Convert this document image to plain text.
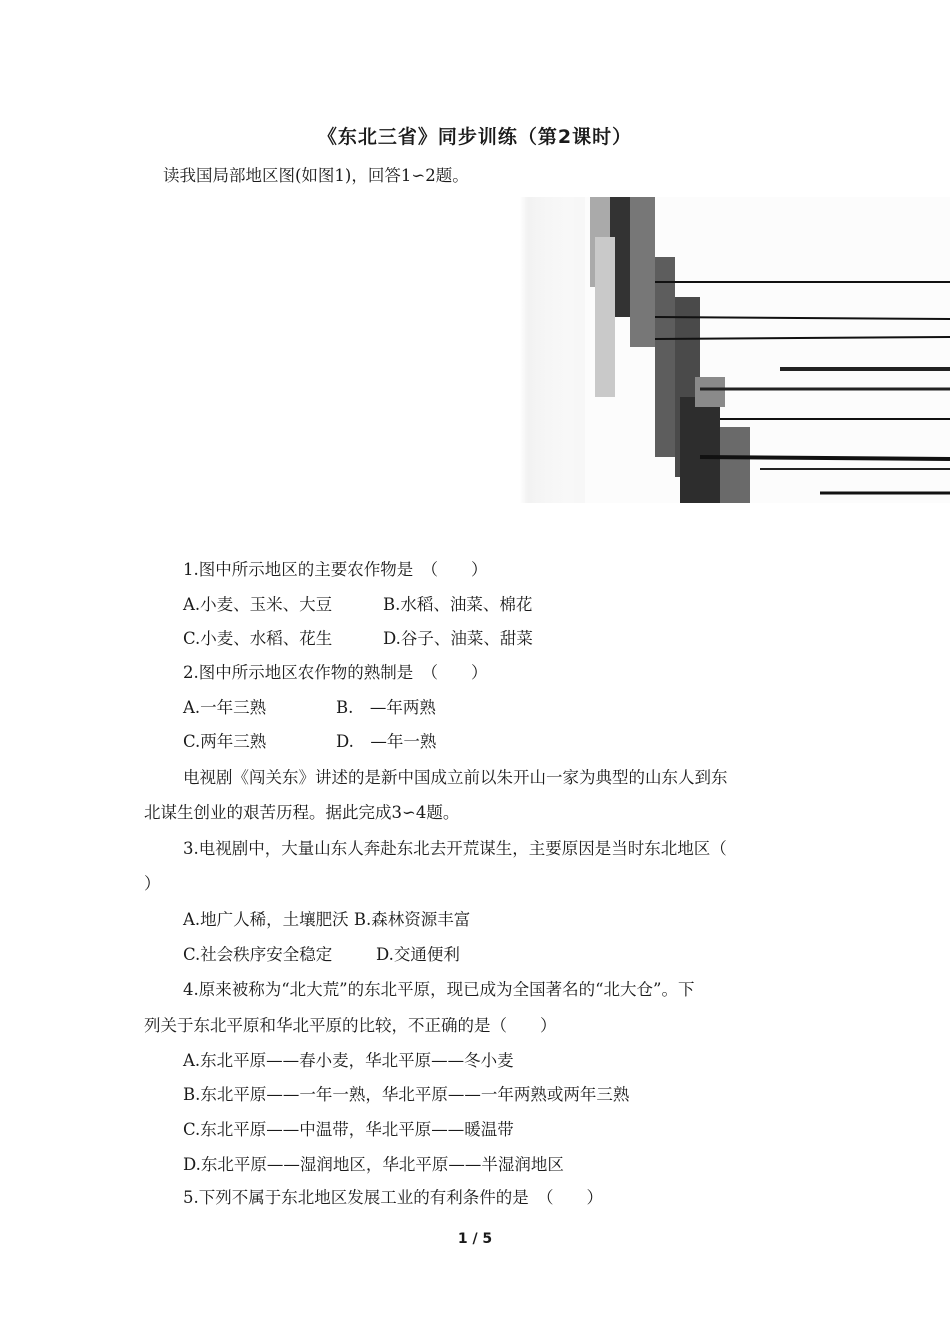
《东北三省》同步训练（第2课时）
读我国局部地区图(如图1)，回答1∽2题。
1.图中所示地区的主要农作物是　（　　）
A.小麦、玉米、大豆	B.水稻、油菜、棉花
C.小麦、水稻、花生	D.谷子、油菜、甜菜
2.图中所示地区农作物的熟制是　（　　）
A.一年三熟	B.　—年两熟
C.两年三熟	D.　—年一熟
电视剧《闯关东》讲述的是新中国成立前以朱开山一家为典型的山东人到东
北谋生创业的艰苦历程。据此完成3∽4题。
3.电视剧中，大量山东人奔赴东北去开荒谋生，主要原因是当时东北地区（
）
A.地广人稀，土壤肥沃 B.森林资源丰富
C.社会秩序安全稳定	D.交通便利
4.原来被称为“北大荒”的东北平原，现已成为全国著名的“北大仓”。下
列关于东北平原和华北平原的比较，不正确的是（　　）
A.东北平原——春小麦，华北平原——冬小麦
B.东北平原——一年一熟，华北平原——一年两熟或两年三熟
C.东北平原——中温带，华北平原——暖温带
D.东北平原——湿润地区，华北平原——半湿润地区
5.下列不属于东北地区发展工业的有利条件的是　（　　）
1 / 5
